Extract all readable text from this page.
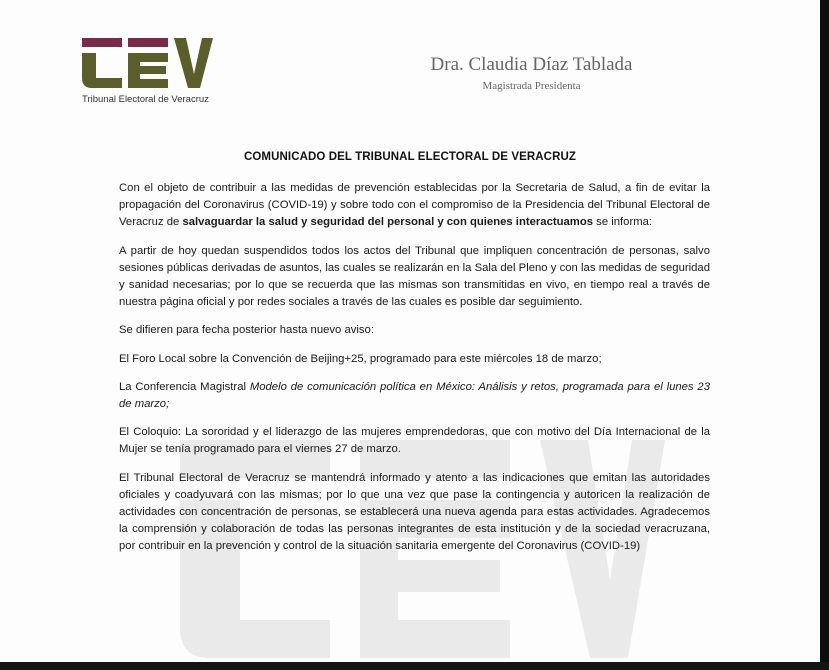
Tribunal Electoral de Veracruz
Dra. Claudia Díaz Tablada
Magistrada Presidenta
COMUNICADO DEL TRIBUNAL ELECTORAL DE VERACRUZ

Con el objeto de contribuir a las medidas de prevención establecidas por la Secretaria de Salud, a fin de evitar la propagación del Coronavirus (COVID-19) y sobre todo con el compromiso de la Presidencia del Tribunal Electoral de Veracruz de salvaguardar la salud y seguridad del personal y con quienes interactuamos se informa:

A partir de hoy quedan suspendidos todos los actos del Tribunal que impliquen concentración de personas, salvo sesiones públicas derivadas de asuntos, las cuales se realizarán en la Sala del Pleno y con las medidas de seguridad y sanidad necesarias; por lo que se recuerda que las mismas son transmitidas en vivo, en tiempo real a través de nuestra página oficial y por redes sociales a través de las cuales es posible dar seguimiento.

Se difieren para fecha posterior hasta nuevo aviso:

El Foro Local sobre la Convención de Beijing+25, programado para este miércoles 18 de marzo;

La Conferencia Magistral Modelo de comunicación política en México: Análisis y retos, programada para el lunes 23 de marzo;

El Coloquio: La sororidad y el liderazgo de las mujeres emprendedoras, que con motivo del Día Internacional de la Mujer se tenía programado para el viernes 27 de marzo.

El Tribunal Electoral de Veracruz se mantendrá informado y atento a las indicaciones que emitan las autoridades oficiales y coadyuvará con las mismas; por lo que una vez que pase la contingencia y autoricen la realización de actividades con concentración de personas, se establecerá una nueva agenda para estas actividades. Agradecemos la comprensión y colaboración de todas las personas integrantes de esta institución y de la sociedad veracruzana, por contribuir en la prevención y control de la situación sanitaria emergente del Coronavirus (COVID-19)
